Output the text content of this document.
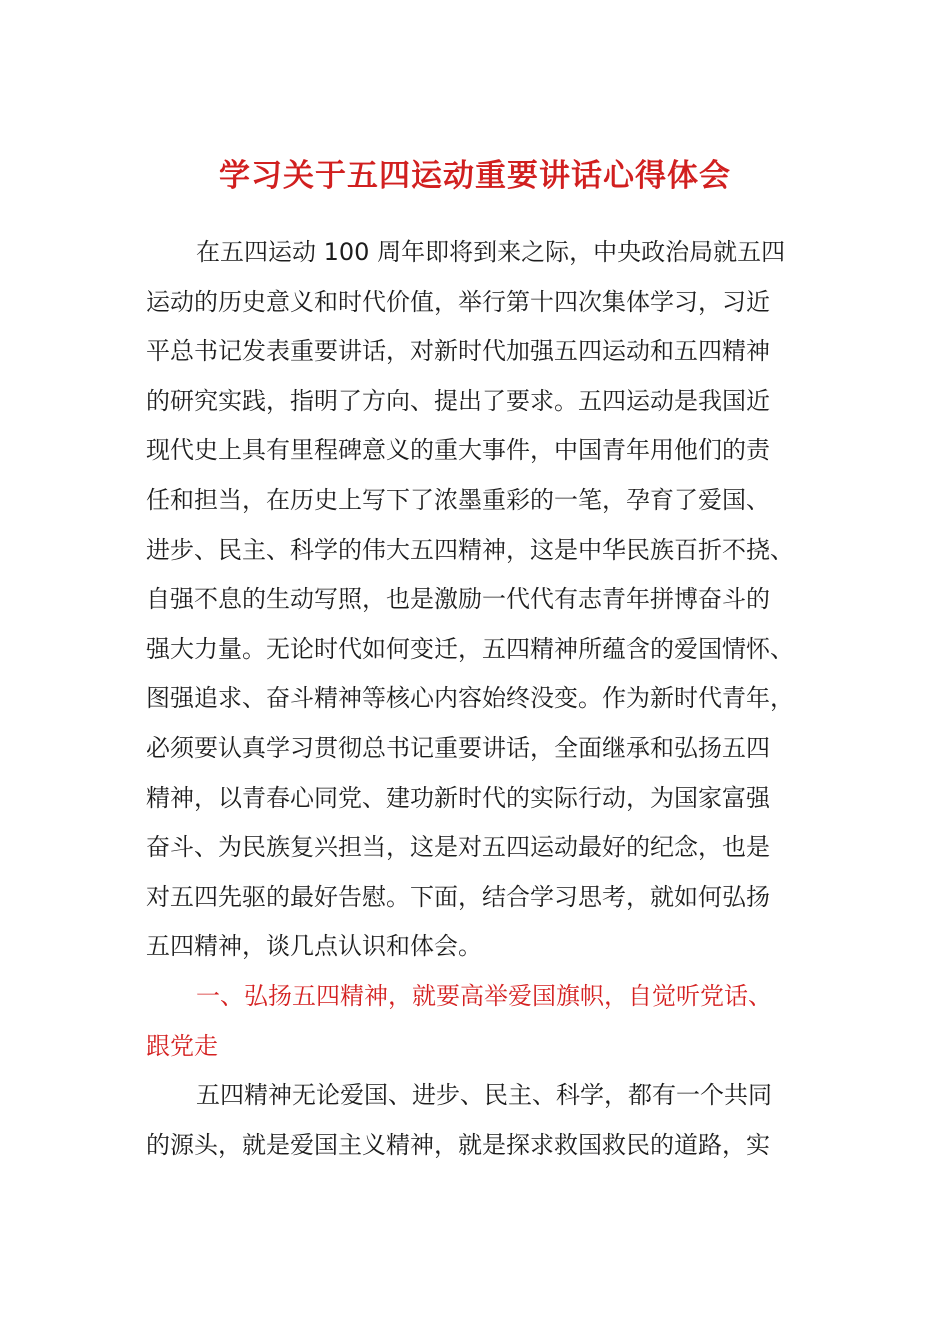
学习关于五四运动重要讲话心得体会
在五四运动 100 周年即将到来之际，中央政治局就五四
运动的历史意义和时代价值，举行第十四次集体学习，习近
平总书记发表重要讲话，对新时代加强五四运动和五四精神
的研究实践，指明了方向、提出了要求。五四运动是我国近
现代史上具有里程碑意义的重大事件，中国青年用他们的责
任和担当，在历史上写下了浓墨重彩的一笔，孕育了爱国、
进步、民主、科学的伟大五四精神，这是中华民族百折不挠、
自强不息的生动写照，也是激励一代代有志青年拼博奋斗的
强大力量。无论时代如何变迁，五四精神所蕴含的爱国情怀、
图强追求、奋斗精神等核心内容始终没变。作为新时代青年，
必须要认真学习贯彻总书记重要讲话，全面继承和弘扬五四
精神，以青春心同党、建功新时代的实际行动，为国家富强
奋斗、为民族复兴担当，这是对五四运动最好的纪念，也是
对五四先驱的最好告慰。下面，结合学习思考，就如何弘扬
五四精神，谈几点认识和体会。
一、弘扬五四精神，就要高举爱国旗帜，自觉听党话、
跟党走
五四精神无论爱国、进步、民主、科学，都有一个共同
的源头，就是爱国主义精神，就是探求救国救民的道路，实
